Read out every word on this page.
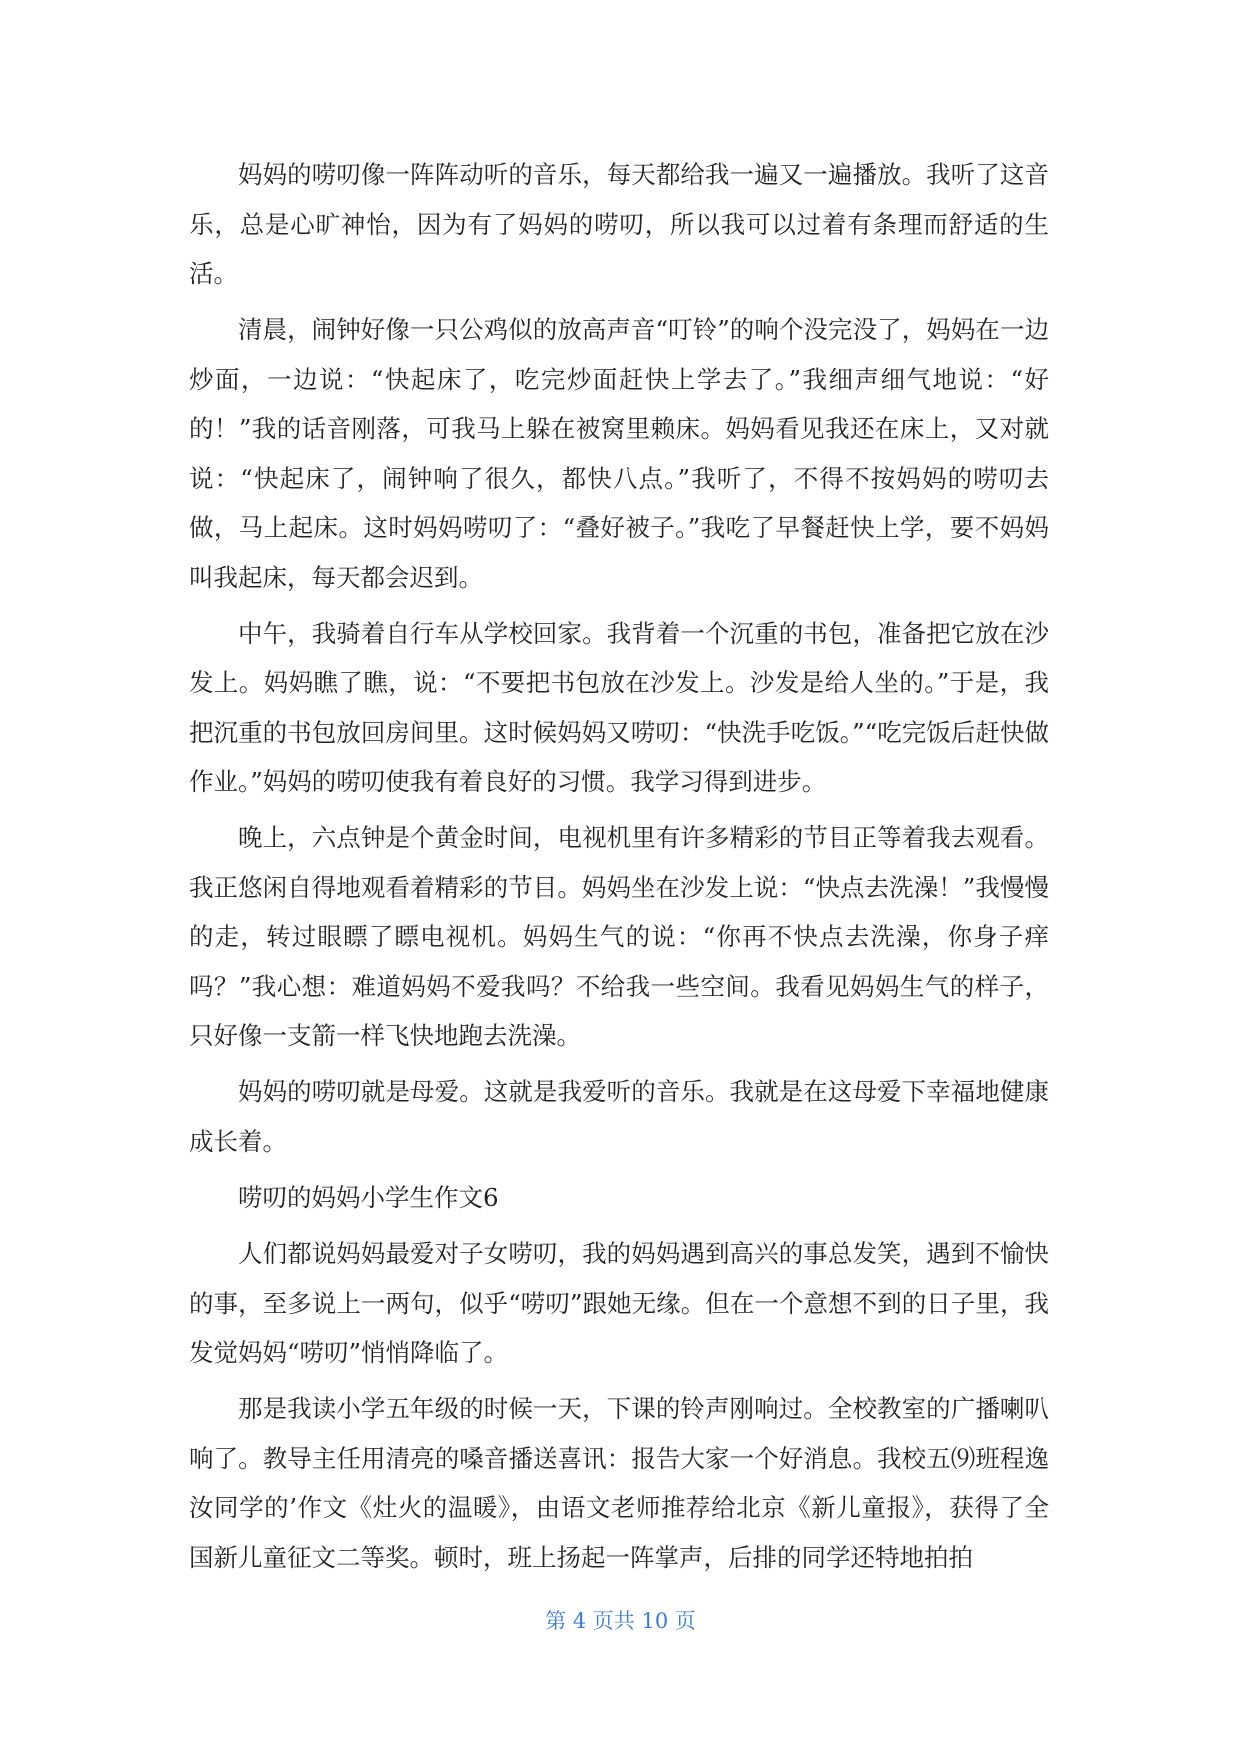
妈妈的唠叨像一阵阵动听的音乐，每天都给我一遍又一遍播放。我听了这音乐，总是心旷神怡，因为有了妈妈的唠叨，所以我可以过着有条理而舒适的生活。

清晨，闹钟好像一只公鸡似的放高声音“叮铃”的响个没完没了，妈妈在一边炒面，一边说：“快起床了，吃完炒面赶快上学去了。”我细声细气地说：“好的！”我的话音刚落，可我马上躲在被窝里赖床。妈妈看见我还在床上，又对就说：“快起床了，闹钟响了很久，都快八点。”我听了，不得不按妈妈的唠叨去做，马上起床。这时妈妈唠叨了：“叠好被子。”我吃了早餐赶快上学，要不妈妈叫我起床，每天都会迟到。

中午，我骑着自行车从学校回家。我背着一个沉重的书包，准备把它放在沙发上。妈妈瞧了瞧，说：“不要把书包放在沙发上。沙发是给人坐的。”于是，我把沉重的书包放回房间里。这时候妈妈又唠叨：“快洗手吃饭。”“吃完饭后赶快做作业。”妈妈的唠叨使我有着良好的习惯。我学习得到进步。

晚上，六点钟是个黄金时间，电视机里有许多精彩的节目正等着我去观看。我正悠闲自得地观看着精彩的节目。妈妈坐在沙发上说：“快点去洗澡！”我慢慢的走，转过眼瞟了瞟电视机。妈妈生气的说：“你再不快点去洗澡，你身子痒吗？”我心想：难道妈妈不爱我吗？不给我一些空间。我看见妈妈生气的样子，只好像一支箭一样飞快地跑去洗澡。

妈妈的唠叨就是母爱。这就是我爱听的音乐。我就是在这母爱下幸福地健康成长着。

唠叨的妈妈小学生作文6

人们都说妈妈最爱对子女唠叨，我的妈妈遇到高兴的事总发笑，遇到不愉快的事，至多说上一两句，似乎“唠叨”跟她无缘。但在一个意想不到的日子里，我发觉妈妈“唠叨”悄悄降临了。

那是我读小学五年级的时候一天，下课的铃声刚响过。全校教室的广播喇叭响了。教导主任用清亮的嗓音播送喜讯：报告大家一个好消息。我校五⑼班程逸汝同学的’作文《灶火的温暖》，由语文老师推荐给北京《新儿童报》，获得了全国新儿童征文二等奖。顿时，班上扬起一阵掌声，后排的同学还特地拍拍

第 4 页共 10 页
